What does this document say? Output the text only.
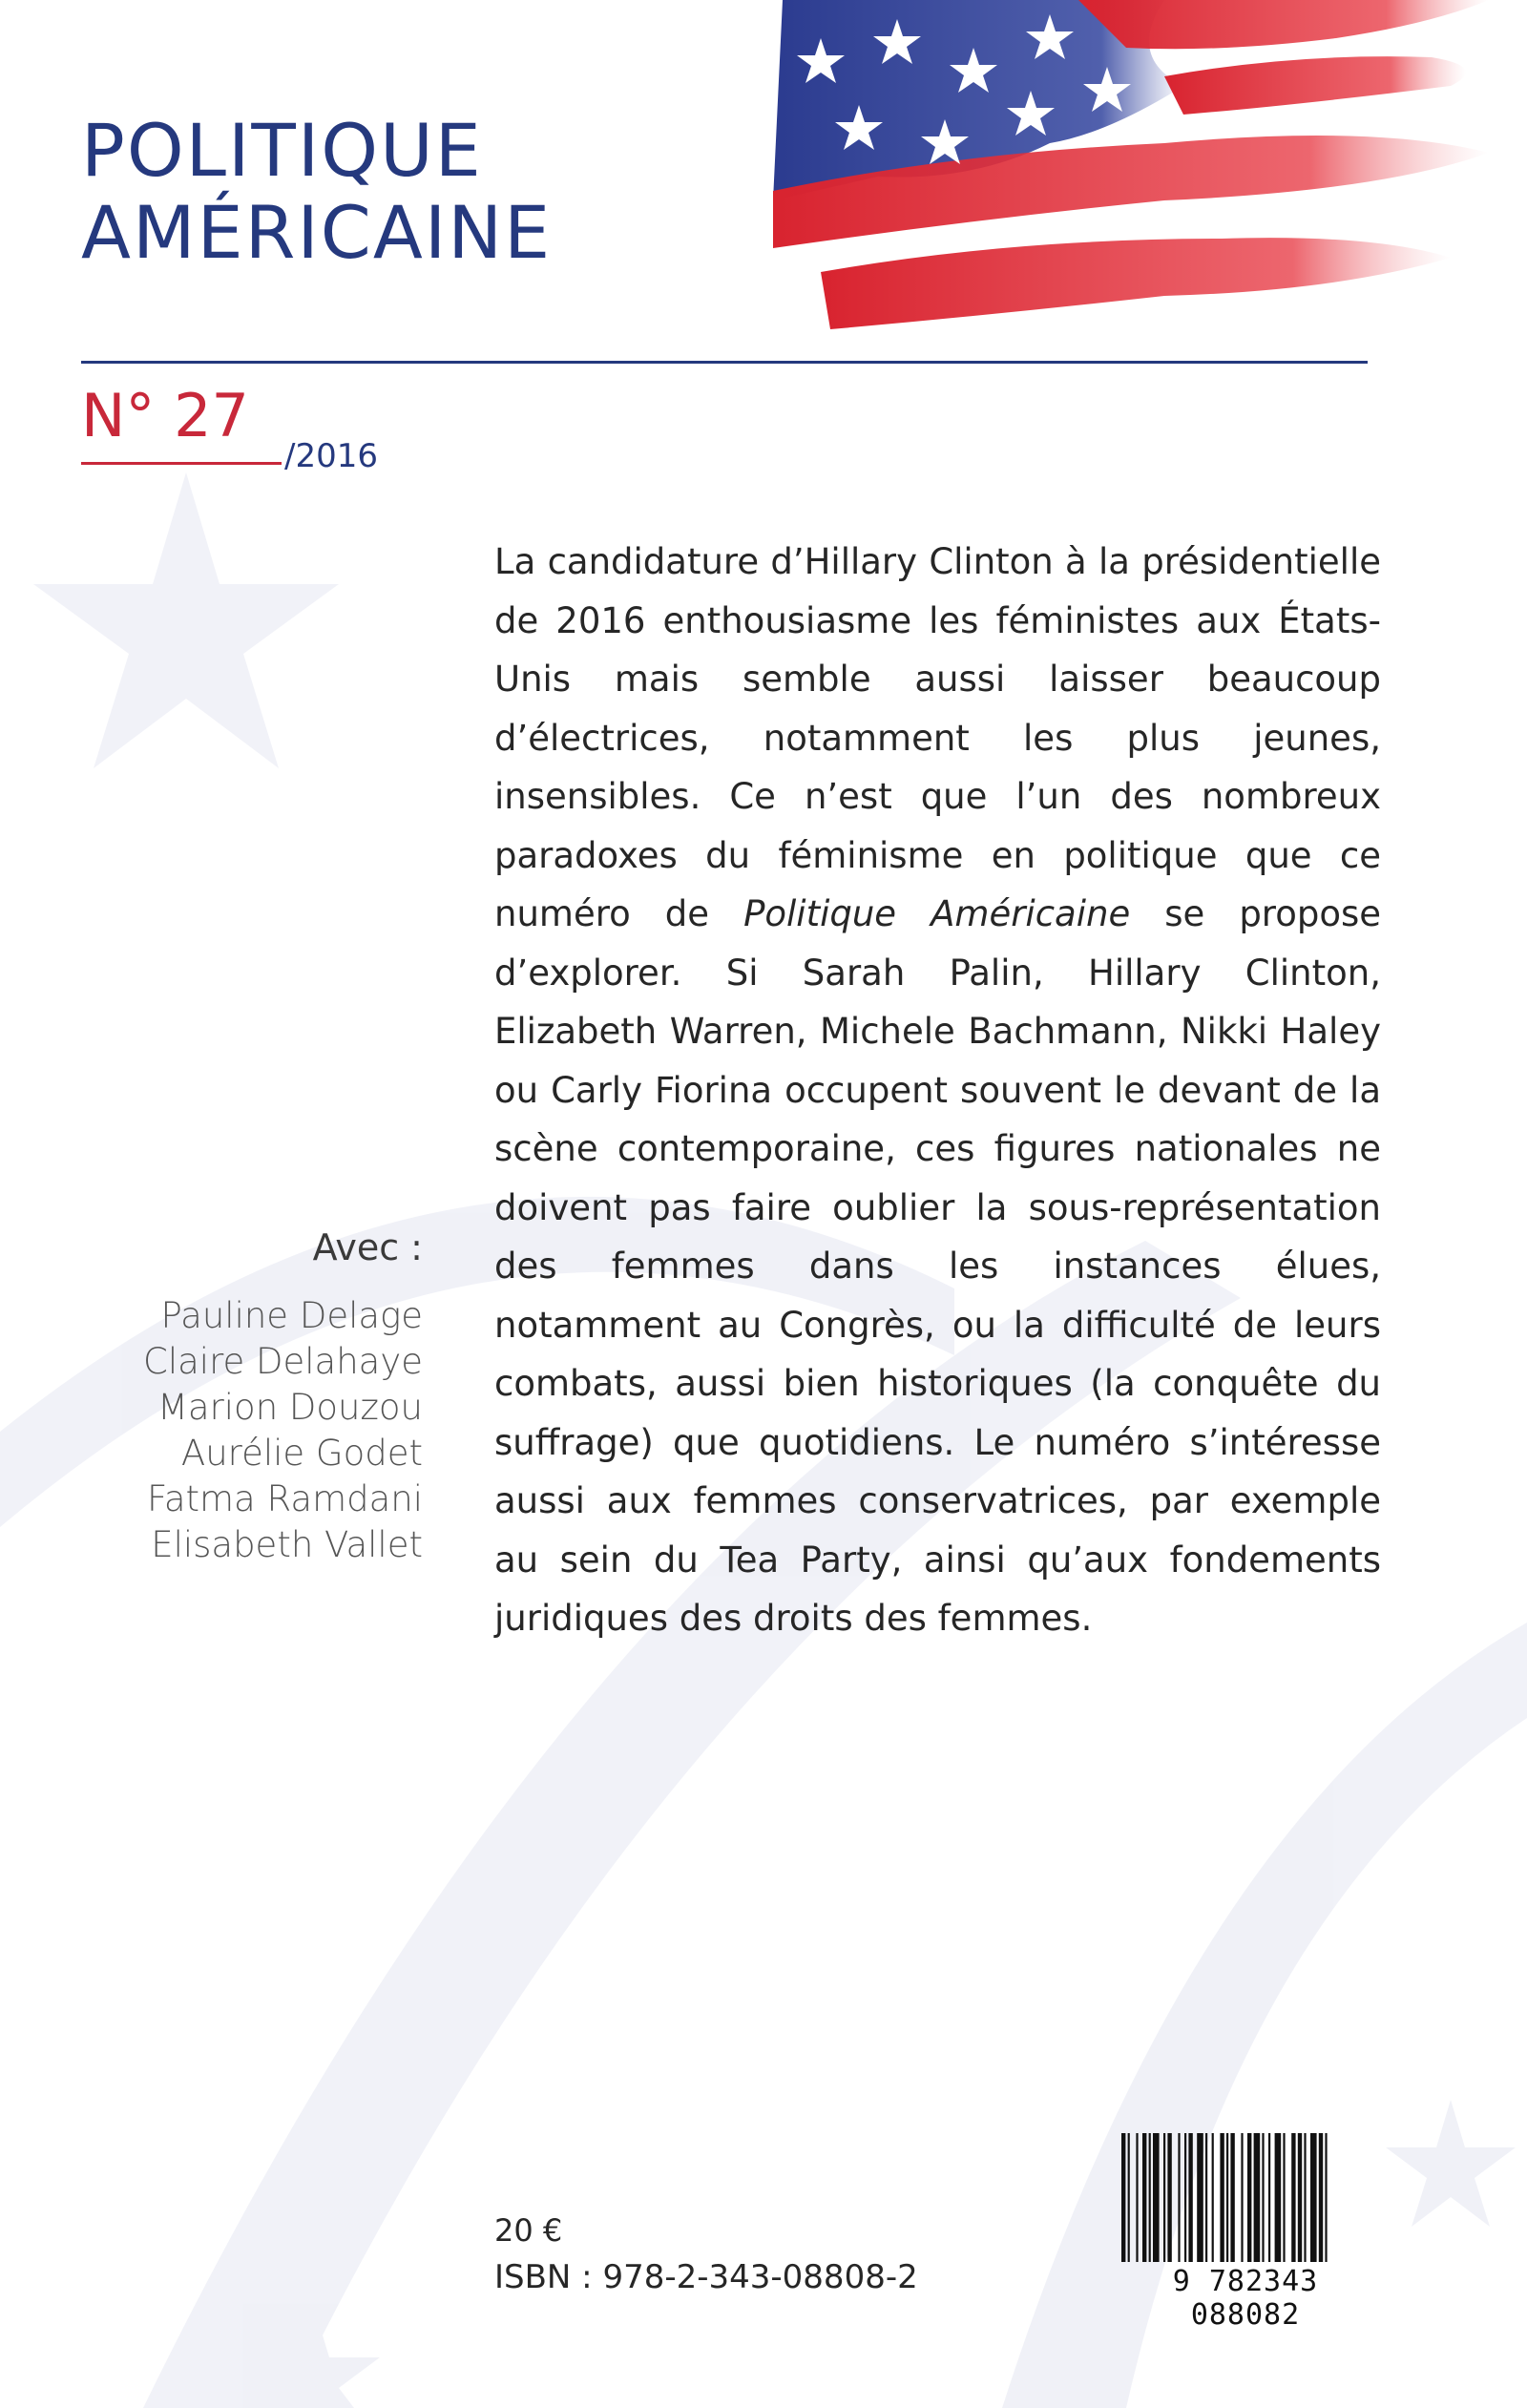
POLITIQUE
AMÉRICAINE
N° 27
/2016

La candidature d’Hillary Clinton à la présidentielle de 2016 enthousiasme les féministes aux États-Unis mais semble aussi laisser beaucoup d’électrices, notamment les plus jeunes, insensibles. Ce n’est que l’un des nombreux paradoxes du féminisme en politique que ce numéro de Politique Américaine se propose d’explorer. Si Sarah Palin, Hillary Clinton, Elizabeth Warren, Michele Bachmann, Nikki Haley ou Carly Fiorina occupent souvent le devant de la scène contemporaine, ces figures nationales ne doivent pas faire oublier la sous-représentation des femmes dans les instances élues, notamment au Congrès, ou la difficulté de leurs combats, aussi bien historiques (la conquête du suffrage) que quotidiens. Le numéro s’intéresse aussi aux femmes conservatrices, par exemple au sein du Tea Party, ainsi qu’aux fondements juridiques des droits des femmes.

Avec :
Pauline Delage
Claire Delahaye
Marion Douzou
Aurélie Godet
Fatma Ramdani
Elisabeth Vallet
20 €
ISBN : 978-2-343-08808-2	9 782343 088082
